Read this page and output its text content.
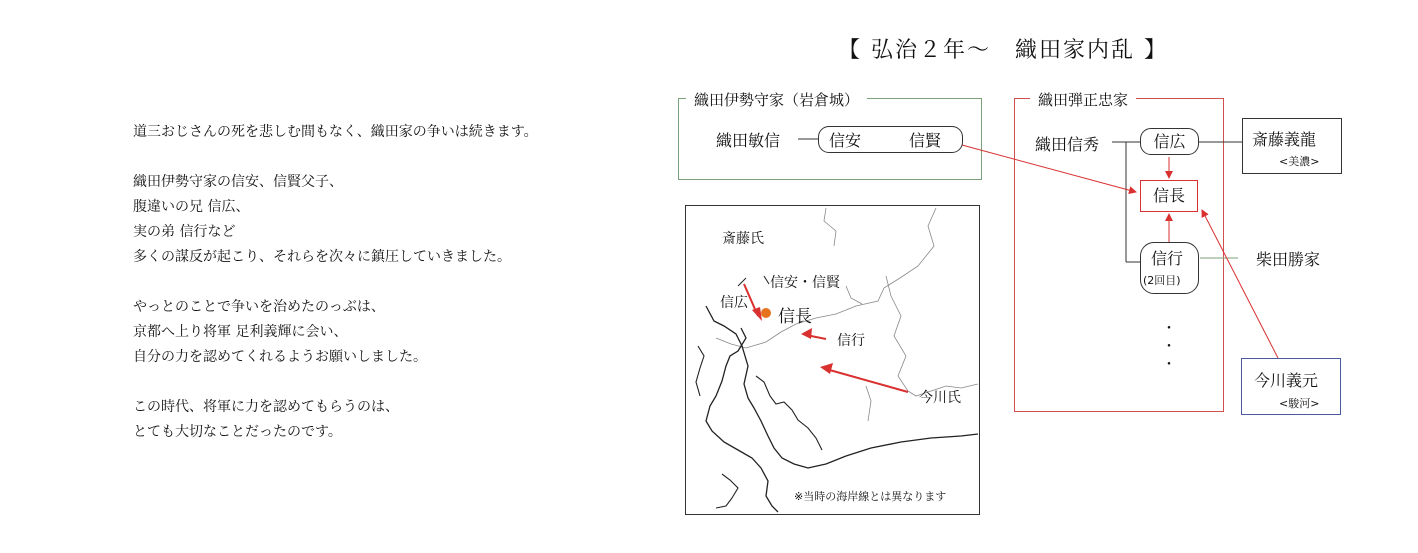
【 弘治２年〜　織田家内乱 】

道三おじさんの死を悲しむ間もなく、織田家の争いは続きます。

織田伊勢守家の信安、信賢父子、

腹違いの兄 信広、

実の弟 信行など

多くの謀反が起こり、それらを次々に鎮圧していきました。

やっとのことで争いを治めたのっぶは、

京都へ上り将軍 足利義輝に会い、

自分の力を認めてくれるようお願いしました。

この時代、将軍に力を認めてもらうのは、

とても大切なことだったのです。

織田伊勢守家（岩倉城）
織田敏信
織田弾正忠家
織田信秀
信安	信賢	信広
信長
信行
(2回目)
・
・
・
斎藤義龍
<美濃>
柴田勝家
今川義元
<駿河>
斎藤氏
信安・信賢
信広
信長
信行
今川氏
※当時の海岸線とは異なります
